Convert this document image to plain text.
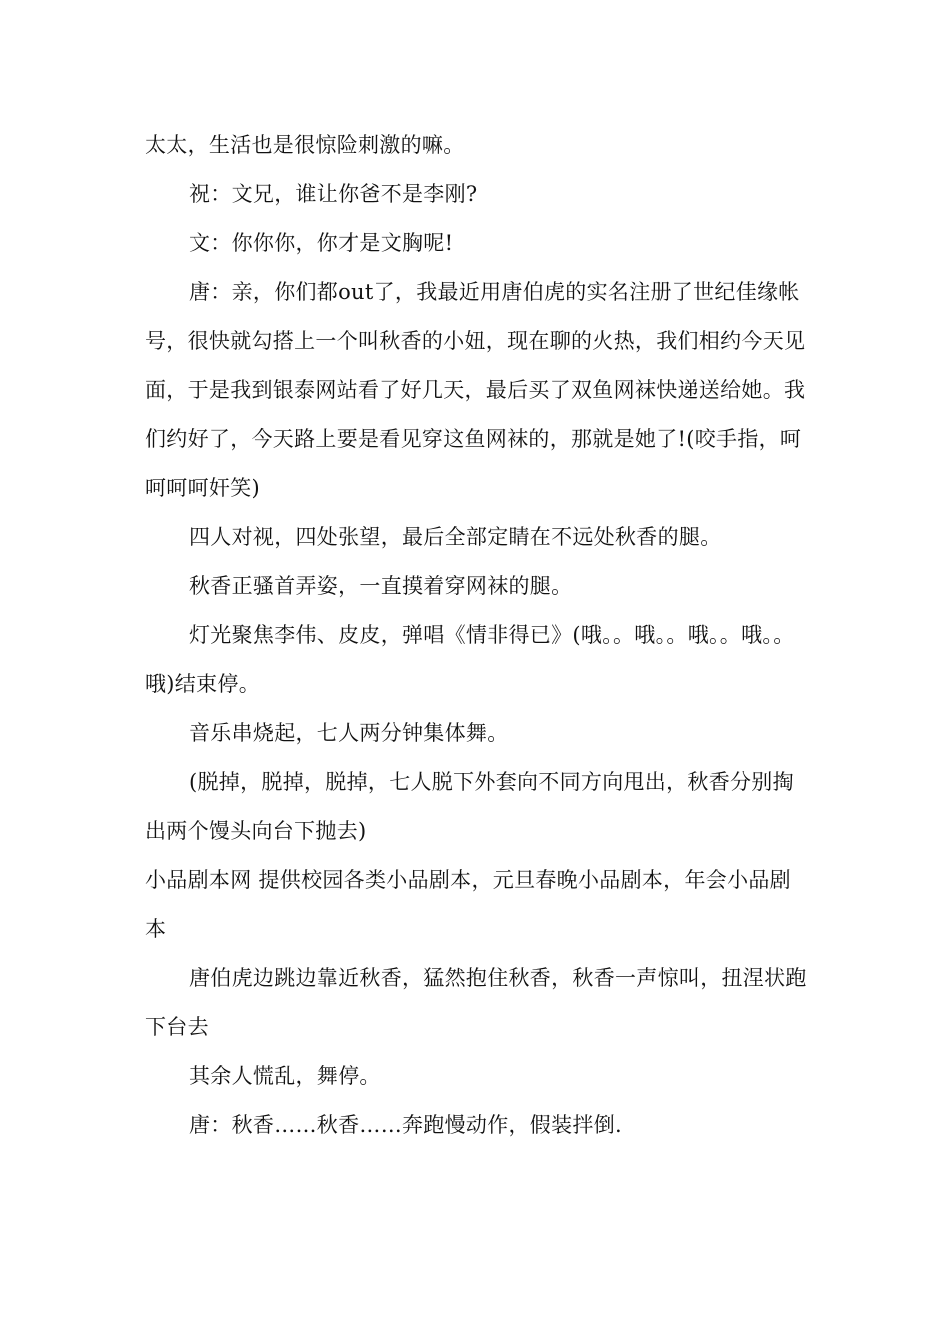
太太，生活也是很惊险刺激的嘛。

祝：文兄，谁让你爸不是李刚?

文：你你你，你才是文胸呢!

唐：亲，你们都out了，我最近用唐伯虎的实名注册了世纪佳缘帐号，很快就勾搭上一个叫秋香的小妞，现在聊的火热，我们相约今天见面，于是我到银泰网站看了好几天，最后买了双鱼网袜快递送给她。我们约好了，今天路上要是看见穿这鱼网袜的，那就是她了!(咬手指，呵呵呵呵奸笑)

四人对视，四处张望，最后全部定睛在不远处秋香的腿。

秋香正骚首弄姿，一直摸着穿网袜的腿。

灯光聚焦李伟、皮皮，弹唱《情非得已》(哦。。哦。。哦。。哦。。哦)结束停。

音乐串烧起，七人两分钟集体舞。

(脱掉，脱掉，脱掉，七人脱下外套向不同方向甩出，秋香分别掏出两个馒头向台下抛去)

小品剧本网 提供校园各类小品剧本，元旦春晚小品剧本，年会小品剧本

唐伯虎边跳边靠近秋香，猛然抱住秋香，秋香一声惊叫，扭涅状跑下台去

其余人慌乱，舞停。

唐：秋香……秋香……奔跑慢动作，假装拌倒.
